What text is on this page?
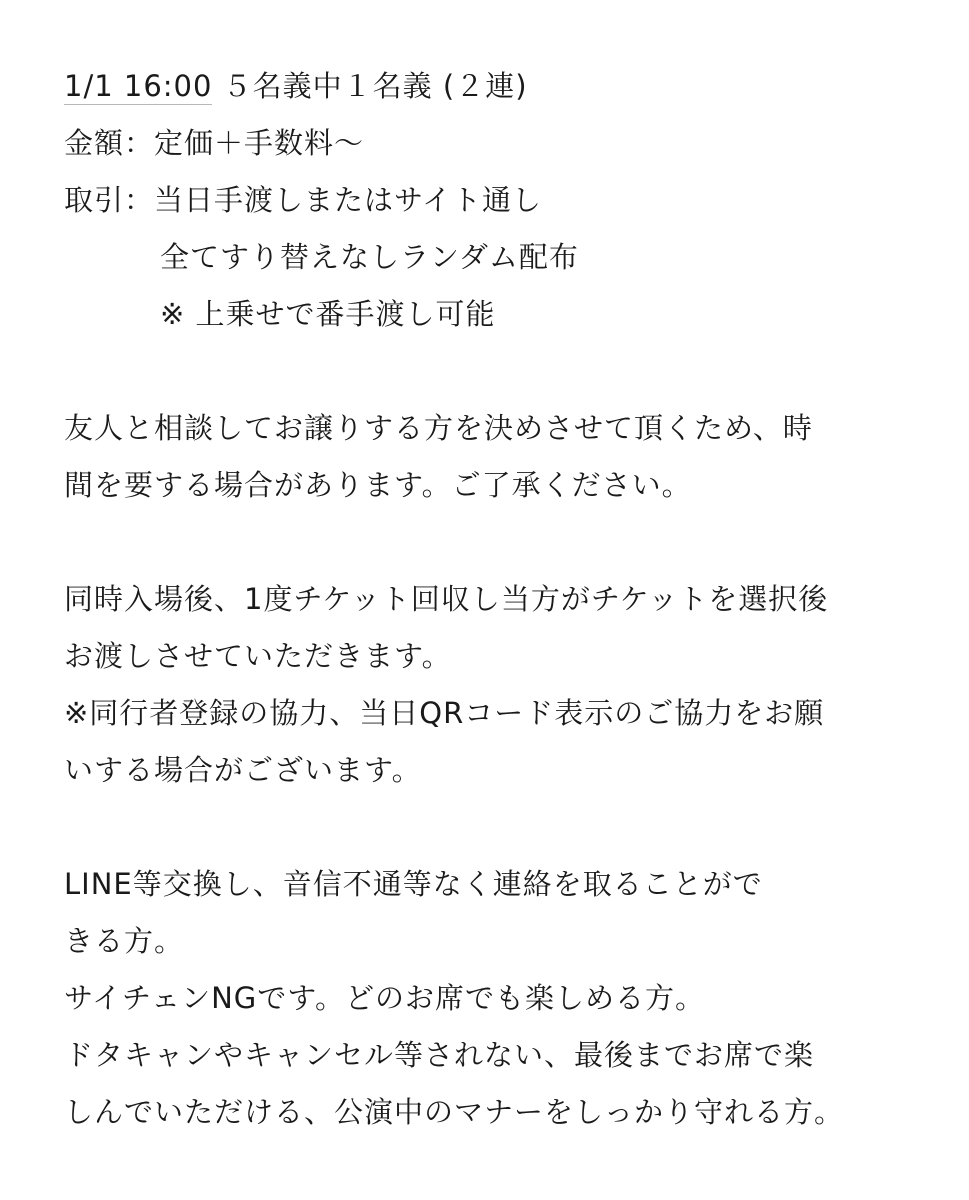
1/1 16:00 ５名義中１名義 (２連)
金額：定価＋手数料〜
取引：当日手渡しまたはサイト通し
全てすり替えなしランダム配布
※ 上乗せで番手渡し可能
友人と相談してお譲りする方を決めさせて頂くため、時
間を要する場合があります。ご了承ください。
同時入場後、1度チケット回収し当方がチケットを選択後
お渡しさせていただきます。
※同行者登録の協力、当日QRコード表示のご協力をお願
いする場合がございます。
LINE等交換し、音信不通等なく連絡を取ることがで
きる方。
サイチェンNGです。どのお席でも楽しめる方。
ドタキャンやキャンセル等されない、最後までお席で楽
しんでいただける、公演中のマナーをしっかり守れる方。
